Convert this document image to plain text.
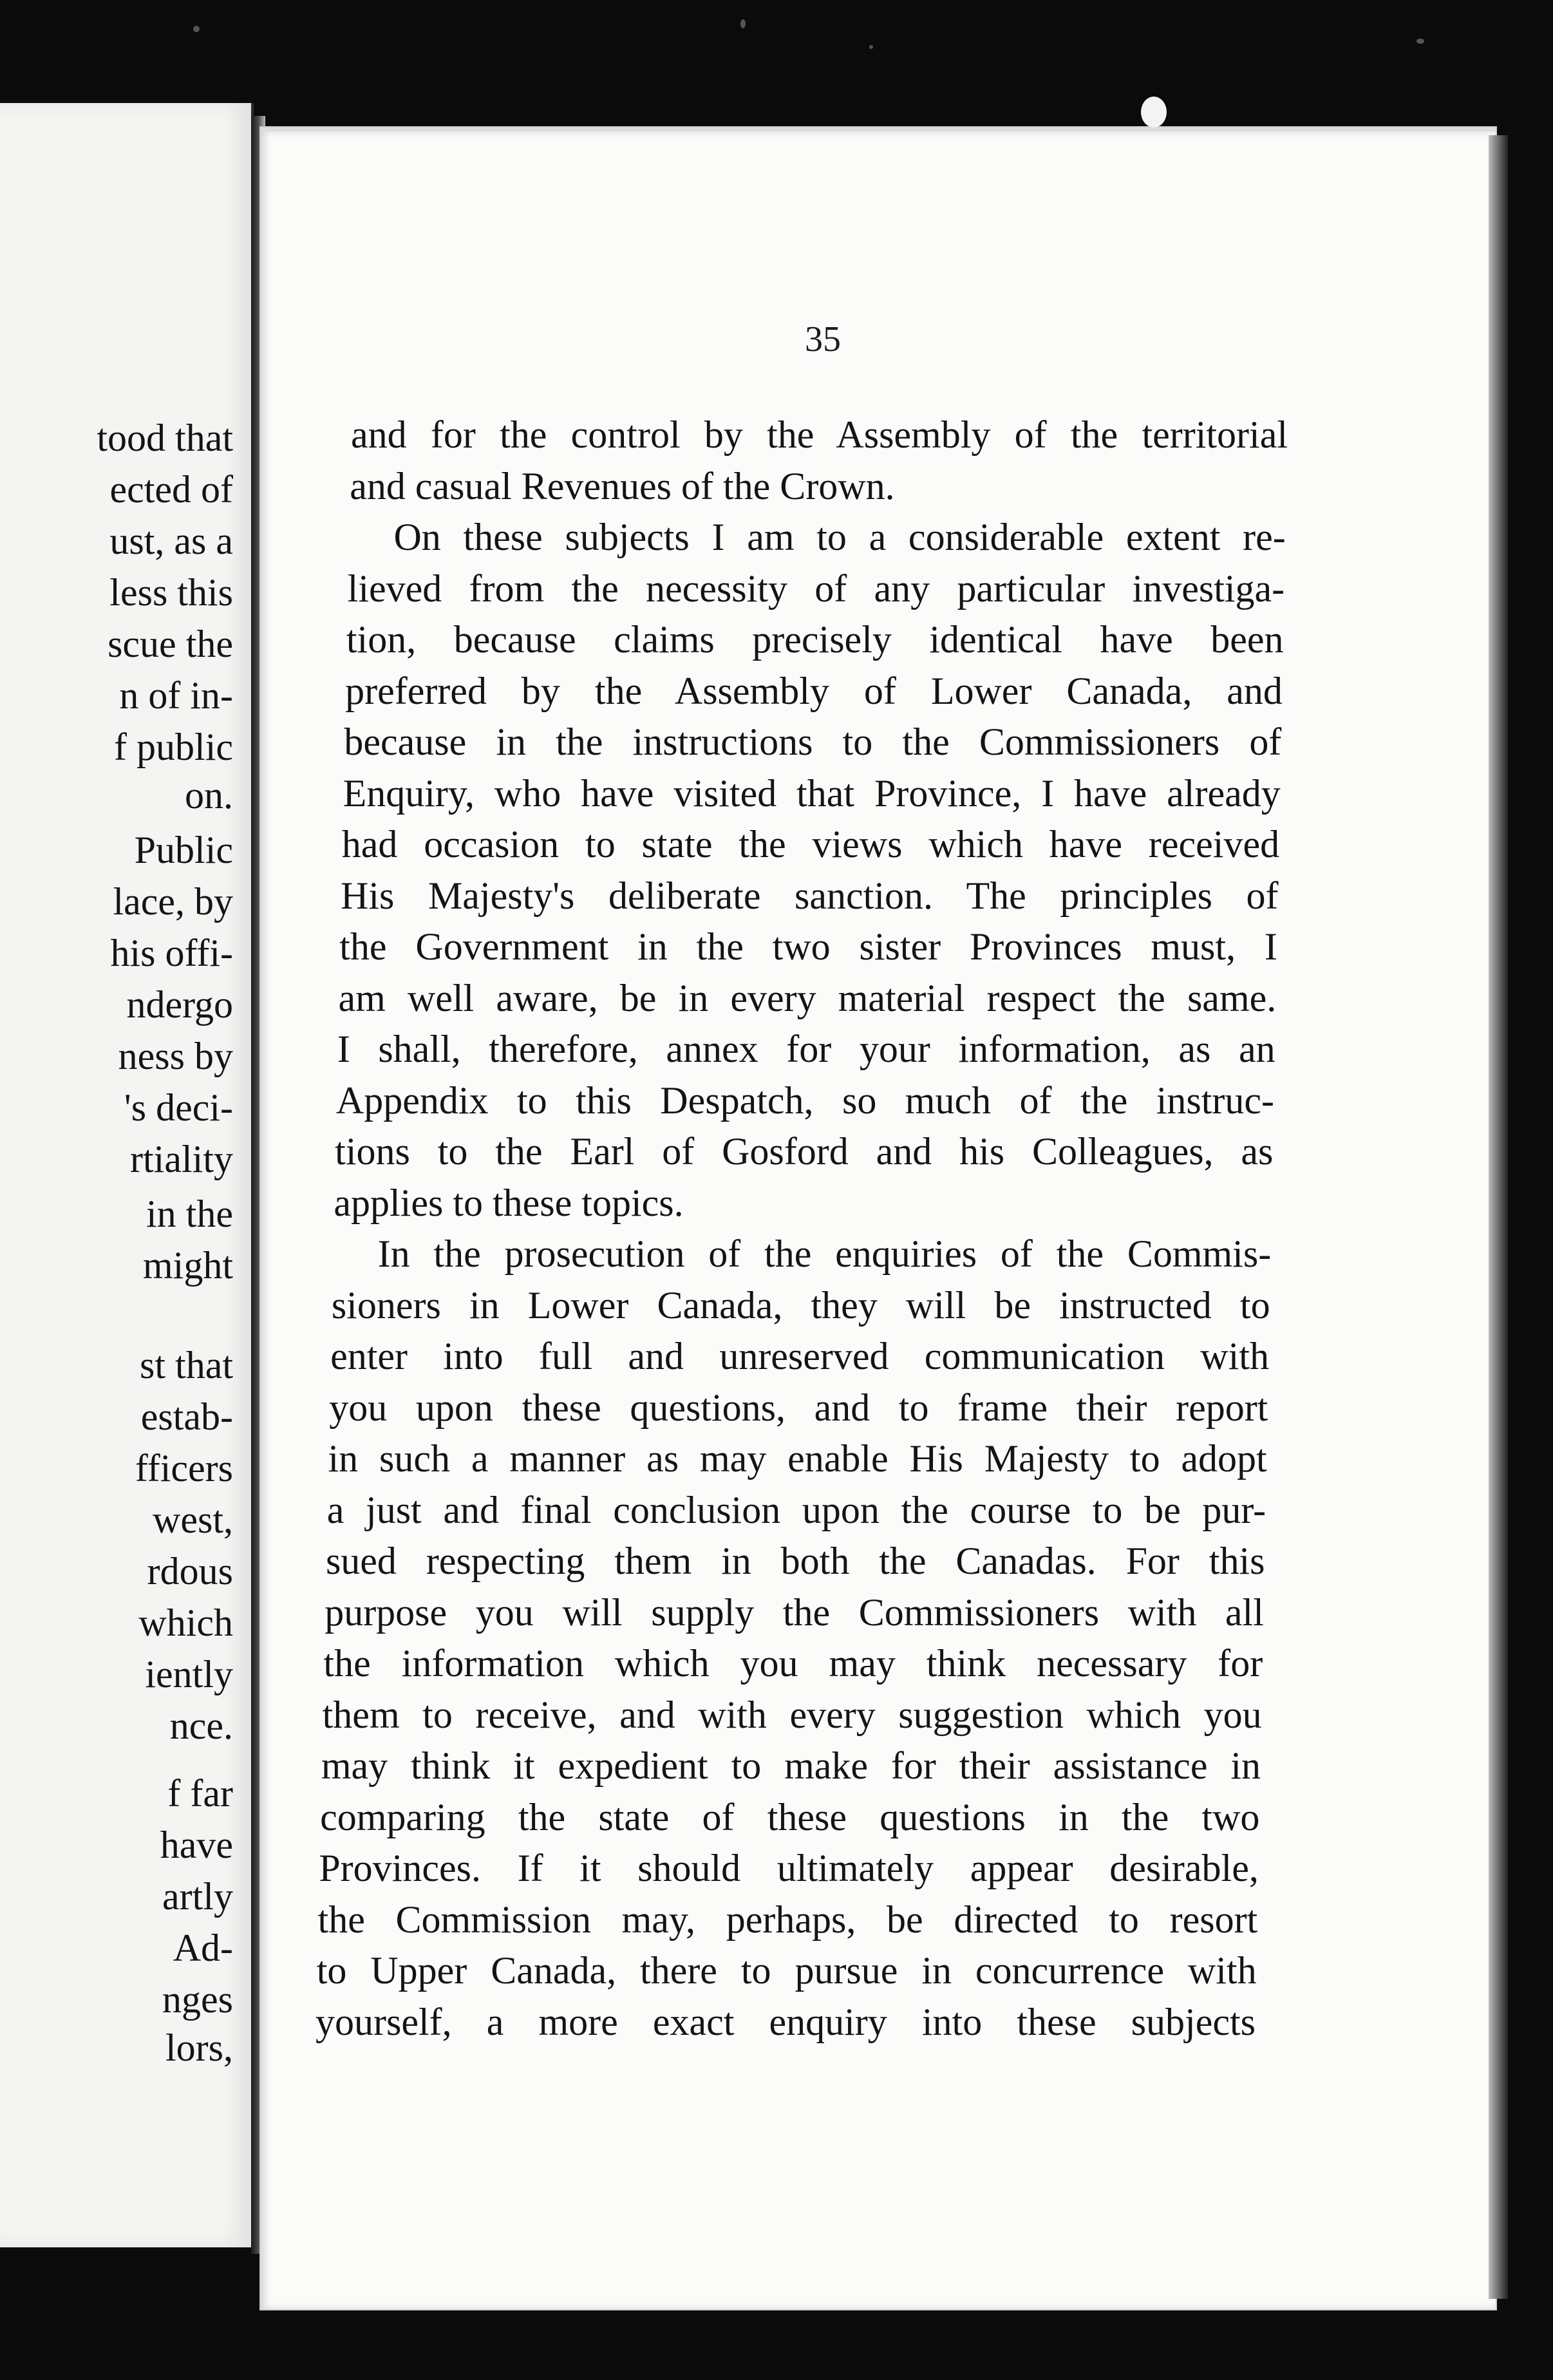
35
and for the control by the Assembly of the territorial
and casual Revenues of the Crown.
On these subjects I am to a considerable extent re-
lieved from the necessity of any particular investiga-
tion, because claims precisely identical have been
preferred by the Assembly of Lower Canada, and
because in the instructions to the Commissioners of
Enquiry, who have visited that Province, I have already
had occasion to state the views which have received
His Majesty's deliberate sanction. The principles of
the Government in the two sister Provinces must, I
am well aware, be in every material respect the same.
I shall, therefore, annex for your information, as an
Appendix to this Despatch, so much of the instruc-
tions to the Earl of Gosford and his Colleagues, as
applies to these topics.
In the prosecution of the enquiries of the Commis-
sioners in Lower Canada, they will be instructed to
enter into full and unreserved communication with
you upon these questions, and to frame their report
in such a manner as may enable His Majesty to adopt
a just and final conclusion upon the course to be pur-
sued respecting them in both the Canadas. For this
purpose you will supply the Commissioners with all
the information which you may think necessary for
them to receive, and with every suggestion which you
may think it expedient to make for their assistance in
comparing the state of these questions in the two
Provinces. If it should ultimately appear desirable,
the Commission may, perhaps, be directed to resort
to Upper Canada, there to pursue in concurrence with
yourself, a more exact enquiry into these subjects
tood that
ected of
ust, as a
less this
scue the
n of in-
f public
on.
Public
lace, by
his offi-
ndergo
ness by
's deci-
rtiality
in the
might
st that
estab-
fficers
west,
rdous
which
iently
nce.
f far
have
artly
Ad-
nges
lors,
